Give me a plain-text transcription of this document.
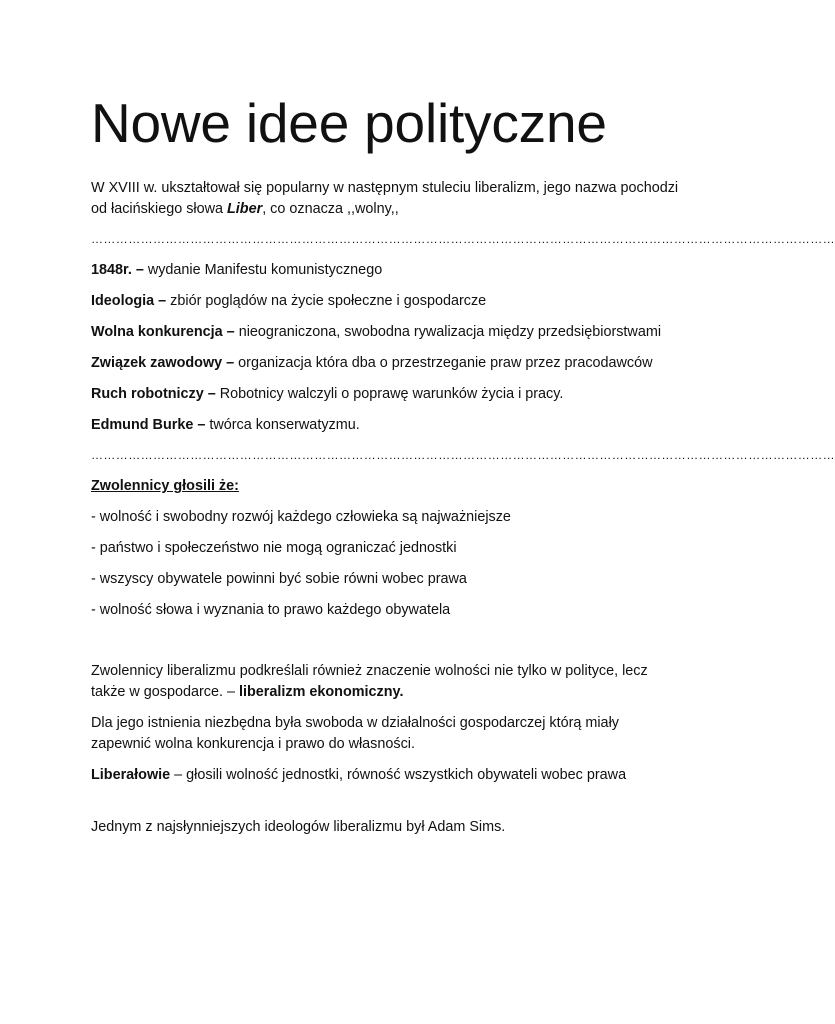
Nowe idee polityczne

W XVIII w. ukształtował się popularny w następnym stuleciu liberalizm, jego nazwa pochodzi od łacińskiego słowa Liber, co oznacza ,,wolny,,

………………………………………………………………………………………………………………………………………………………………

1848r. – wydanie Manifestu komunistycznego

Ideologia – zbiór poglądów na życie społeczne i gospodarcze

Wolna konkurencja – nieograniczona, swobodna rywalizacja między przedsiębiorstwami

Związek zawodowy – organizacja która dba o przestrzeganie praw przez pracodawców

Ruch robotniczy – Robotnicy walczyli o poprawę warunków życia i pracy.

Edmund Burke – twórca konserwatyzmu.

………………………………………………………………………………………………………………………………………………………………

Zwolennicy głosili że:

- wolność i swobodny rozwój każdego człowieka są najważniejsze

- państwo i społeczeństwo nie mogą ograniczać jednostki

- wszyscy obywatele powinni być sobie równi wobec prawa

- wolność słowa i wyznania to prawo każdego obywatela

Zwolennicy liberalizmu podkreślali również znaczenie wolności nie tylko w polityce, lecz także w gospodarce. – liberalizm ekonomiczny.

Dla jego istnienia niezbędna była swoboda w działalności gospodarczej którą miały zapewnić wolna konkurencja i prawo do własności.

Liberałowie – głosili wolność jednostki, równość wszystkich obywateli wobec prawa

Jednym z najsłynniejszych ideologów liberalizmu był Adam Sims.
